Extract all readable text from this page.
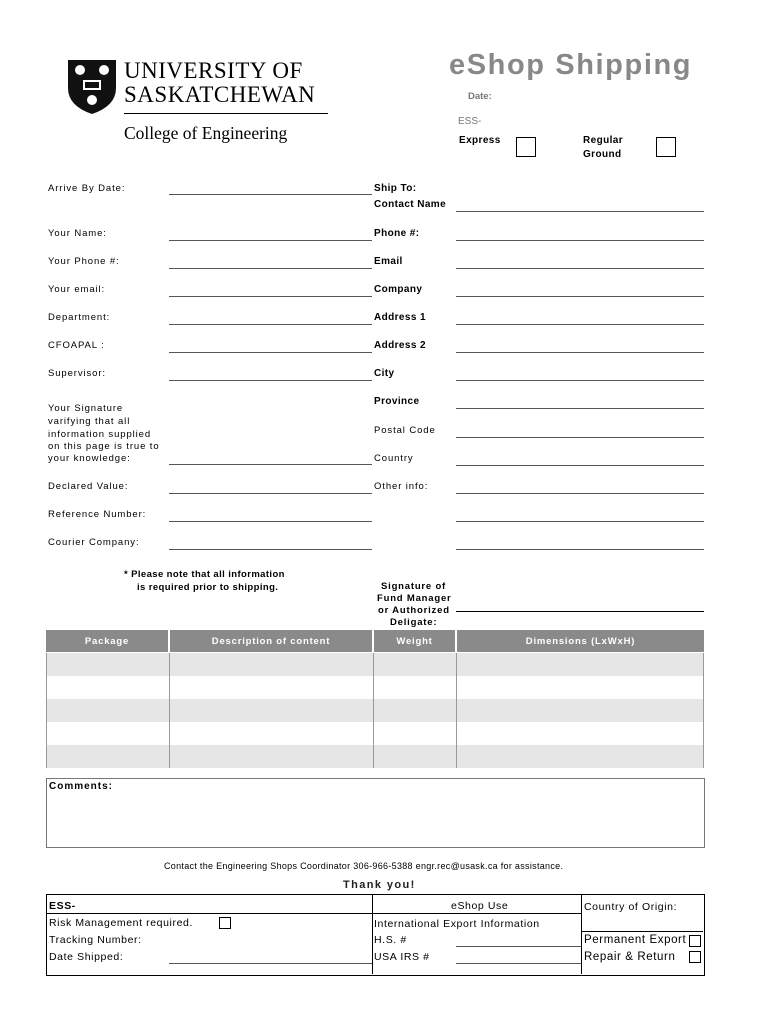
UNIVERSITY OF
SASKATCHEWAN
College of Engineering
eShop Shipping
Date:
ESS-
Express	Regular
Ground
Arrive By Date:
Your Name:
Your Phone #:
Your email:
Department:
CFOAPAL :
Supervisor:
Your Signature
varifying that all
information supplied
on this page is true to
your knowledge:
Declared Value:
Reference Number:
Courier Company:
Ship To:
Contact Name
Phone #:
Email
Company
Address 1
Address 2
City
Province
Postal Code
Country
Other info:
* Please note that all information
is required prior to shipping.	Signature of
Fund Manager
or Authorized
Deligate:
Package	Description of content	Weight	Dimensions (LxWxH)
Comments:
Contact the Engineering Shops Coordinator 306-966-5388 engr.rec@usask.ca for assistance.
Thank you!
ESS-
Risk Management required.
Tracking Number:
Date Shipped:
eShop Use
International Export Information
H.S. #
USA IRS #
Country of Origin:
Permanent Export
Repair & Return
